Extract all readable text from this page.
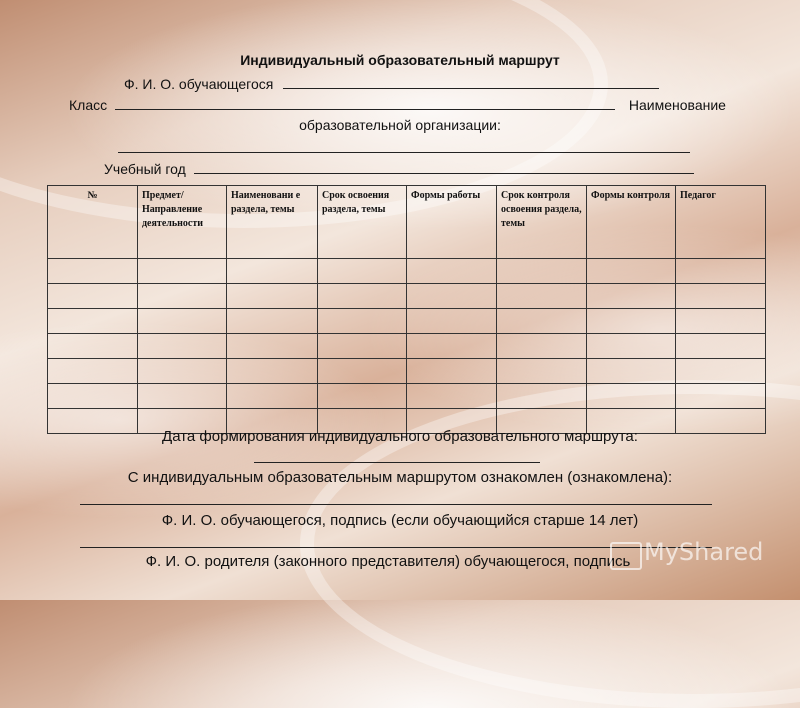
Индивидуальный образовательный маршрут
Ф. И. О. обучающегося
Класс	Наименование
образовательной организации:
Учебный год
№	Предмет/ Направление деятельности	Наименовани е раздела, темы	Срок освоения раздела, темы	Формы работы	Срок контроля освоения раздела, темы	Формы контроля	Педагог

Дата формирования индивидуального образовательного маршрута:
С индивидуальным образовательным маршрутом ознакомлен (ознакомлена):
Ф. И. О. обучающегося, подпись (если обучающийся старше 14 лет)
Ф. И. О. родителя (законного представителя) обучающегося, подпись MyShared
